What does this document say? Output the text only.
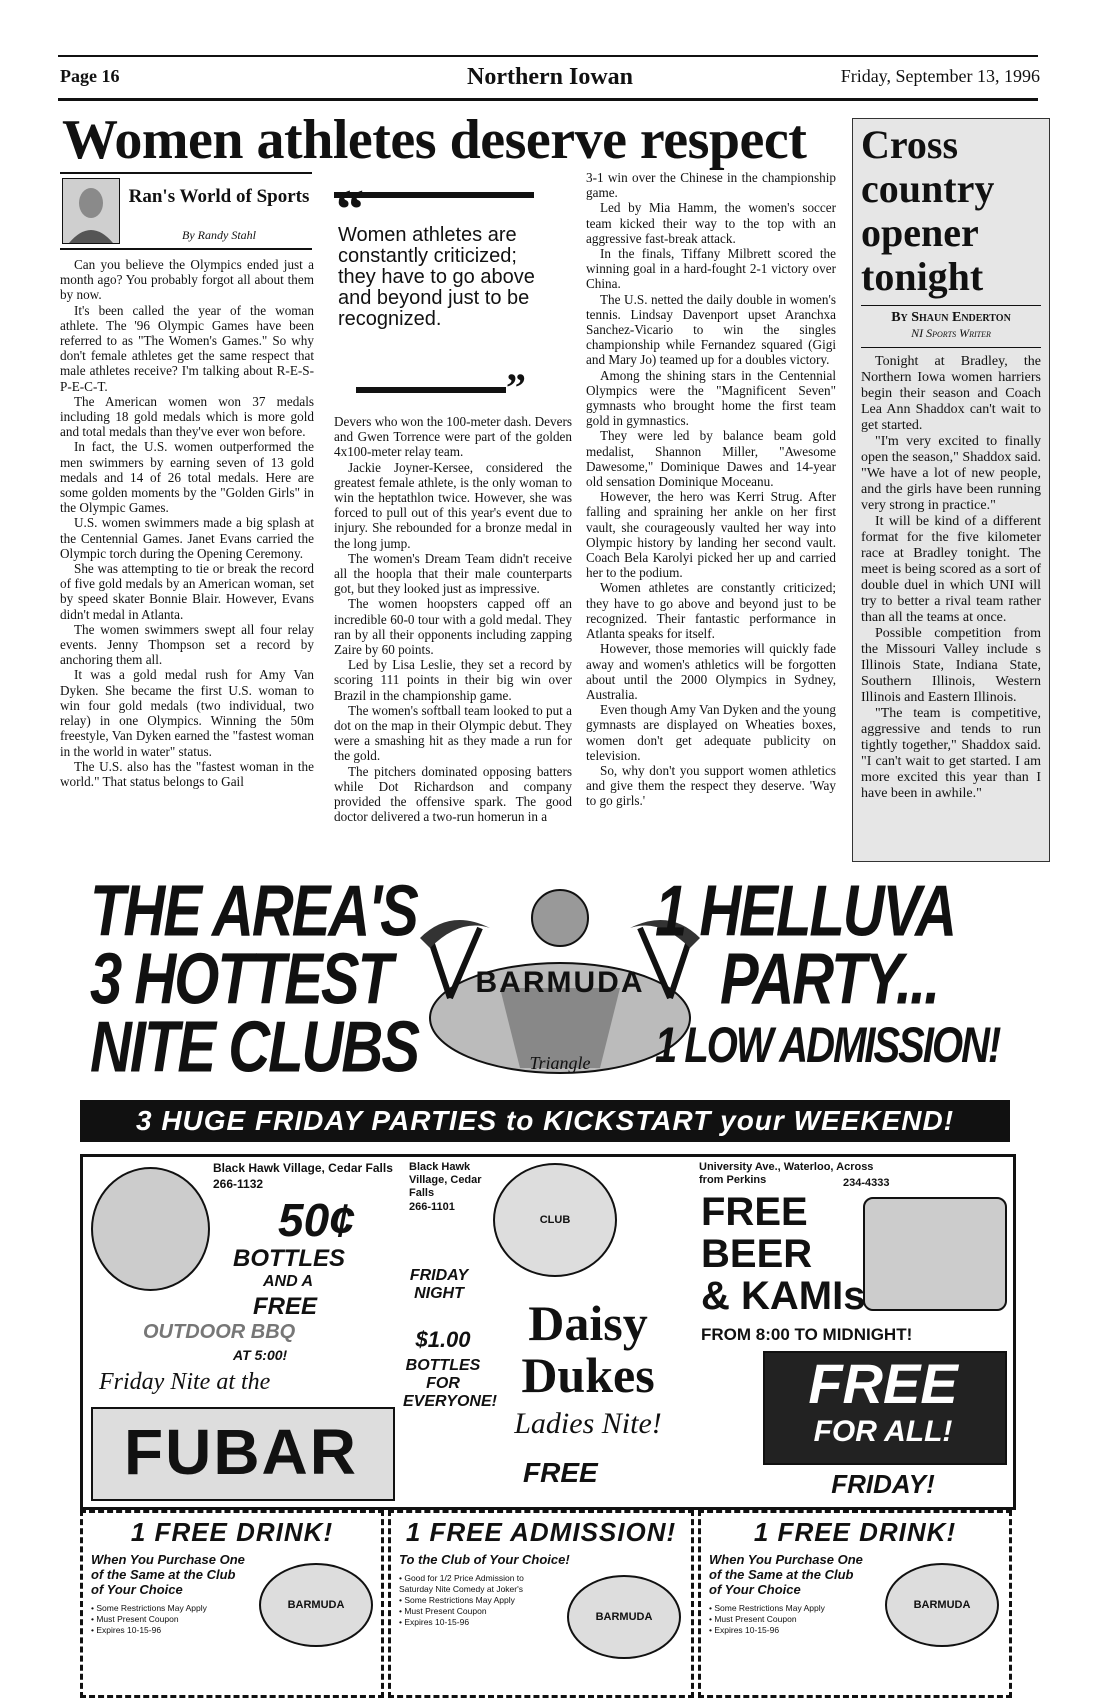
Page 16	Northern Iowan	Friday, September 13, 1996
Women athletes deserve respect
Ran's World of Sports
By Randy Stahl

Can you believe the Olympics ended just a month ago? You probably forgot all about them by now.

It's been called the year of the woman athlete. The '96 Olympic Games have been referred to as "The Women's Games." So why don't female athletes get the same respect that male athletes receive? I'm talking about R-E-S-P-E-C-T.

The American women won 37 medals including 18 gold medals which is more gold and total medals than they've ever won before.

In fact, the U.S. women outperformed the men swimmers by earning seven of 13 gold medals and 14 of 26 total medals. Here are some golden moments by the "Golden Girls" in the Olympic Games.

U.S. women swimmers made a big splash at the Centennial Games. Janet Evans carried the Olympic torch during the Opening Ceremony.

She was attempting to tie or break the record of five gold medals by an American woman, set by speed skater Bonnie Blair. However, Evans didn't medal in Atlanta.

The women swimmers swept all four relay events. Jenny Thompson set a record by anchoring them all.

It was a gold medal rush for Amy Van Dyken. She became the first U.S. woman to win four gold medals (two individual, two relay) in one Olympics. Winning the 50m freestyle, Van Dyken earned the "fastest woman in the world in water" status.

The U.S. also has the "fastest woman in the world." That status belongs to Gail

“
Women athletes are constantly criticized; they have to go above and beyond just to be recognized.
”

Devers who won the 100-meter dash. Devers and Gwen Torrence were part of the golden 4x100-meter relay team.

Jackie Joyner-Kersee, considered the greatest female athlete, is the only woman to win the heptathlon twice. However, she was forced to pull out of this year's event due to injury. She rebounded for a bronze medal in the long jump.

The women's Dream Team didn't receive all the hoopla that their male counterparts got, but they looked just as impressive.

The women hoopsters capped off an incredible 60-0 tour with a gold medal. They ran by all their opponents including zapping Zaire by 60 points.

Led by Lisa Leslie, they set a record by scoring 111 points in their big win over Brazil in the championship game.

The women's softball team looked to put a dot on the map in their Olympic debut. They were a smashing hit as they made a run for the gold.

The pitchers dominated opposing batters while Dot Richardson and company provided the offensive spark. The good doctor delivered a two-run homerun in a

3-1 win over the Chinese in the championship game.

Led by Mia Hamm, the women's soccer team kicked their way to the top with an aggressive fast-break attack.

In the finals, Tiffany Milbrett scored the winning goal in a hard-fought 2-1 victory over China.

The U.S. netted the daily double in women's tennis. Lindsay Davenport upset Aranchxa Sanchez-Vicario to win the singles championship while Fernandez squared (Gigi and Mary Jo) teamed up for a doubles victory.

Among the shining stars in the Centennial Olympics were the "Magnificent Seven" gymnasts who brought home the first team gold in gymnastics.

They were led by balance beam gold medalist, Shannon Miller, "Awesome Dawesome," Dominique Dawes and 14-year old sensation Dominique Moceanu.

However, the hero was Kerri Strug. After falling and spraining her ankle on her first vault, she courageously vaulted her way into Olympic history by landing her second vault. Coach Bela Karolyi picked her up and carried her to the podium.

Women athletes are constantly criticized; they have to go above and beyond just to be recognized. Their fantastic performance in Atlanta speaks for itself.

However, those memories will quickly fade away and women's athletics will be forgotten about until the 2000 Olympics in Sydney, Australia.

Even though Amy Van Dyken and the young gymnasts are displayed on Wheaties boxes, women don't get adequate publicity on television.

So, why don't you support women athletics and give them the respect they deserve. 'Way to go girls.'

Cross country opener tonight
By Shaun Enderton
NI Sports Writer

Tonight at Bradley, the Northern Iowa women harriers begin their season and Coach Lea Ann Shaddox can't wait to get started.

"I'm very excited to finally open the season," Shaddox said. "We have a lot of new people, and the girls have been running very strong in practice."

It will be kind of a different format for the five kilometer race at Bradley tonight. The meet is being scored as a sort of double duel in which UNI will try to better a rival team rather than all the teams at once.

Possible competition from the Missouri Valley include s Illinois State, Indiana State, Southern Illinois, Western Illinois and Eastern Illinois.

"The team is competitive, aggressive and tends to run tightly together," Shaddox said. "I can't wait to get started. I am more excited this year than I have been in awhile."

THE AREA'S
3 HOTTEST
NITE CLUBS
BARMUDA
Triangle
1 HELLUVA
PARTY...
1 LOW ADMISSION!
3 HUGE FRIDAY PARTIES to KICKSTART your WEEKEND!
Black Hawk Village, Cedar Falls
266-1132
50¢
BOTTLES
AND A
FREE
OUTDOOR BBQ
AT 5:00!
Friday Nite at the
FUBAR
Black Hawk Village, Cedar Falls
266-1101
CLUB
FRIDAY NIGHT
$1.00
BOTTLES FOR EVERYONE!
Daisy Dukes
Ladies Nite!
FREE
University Ave., Waterloo, Across from Perkins	234-4333
FREE
BEER
& KAMIs
FROM 8:00 TO MIDNIGHT!
FREE
FOR ALL!
FRIDAY!
1 FREE DRINK!
When You Purchase One of the Same at the Club of Your Choice
• Some Restrictions May Apply
• Must Present Coupon
• Expires 10-15-96
BARMUDA
1 FREE ADMISSION!
To the Club of Your Choice!
• Good for 1/2 Price Admission to Saturday Nite Comedy at Joker's
• Some Restrictions May Apply
• Must Present Coupon
• Expires 10-15-96	BARMUDA
1 FREE DRINK!
When You Purchase One of the Same at the Club of Your Choice
• Some Restrictions May Apply
• Must Present Coupon
• Expires 10-15-96
BARMUDA
